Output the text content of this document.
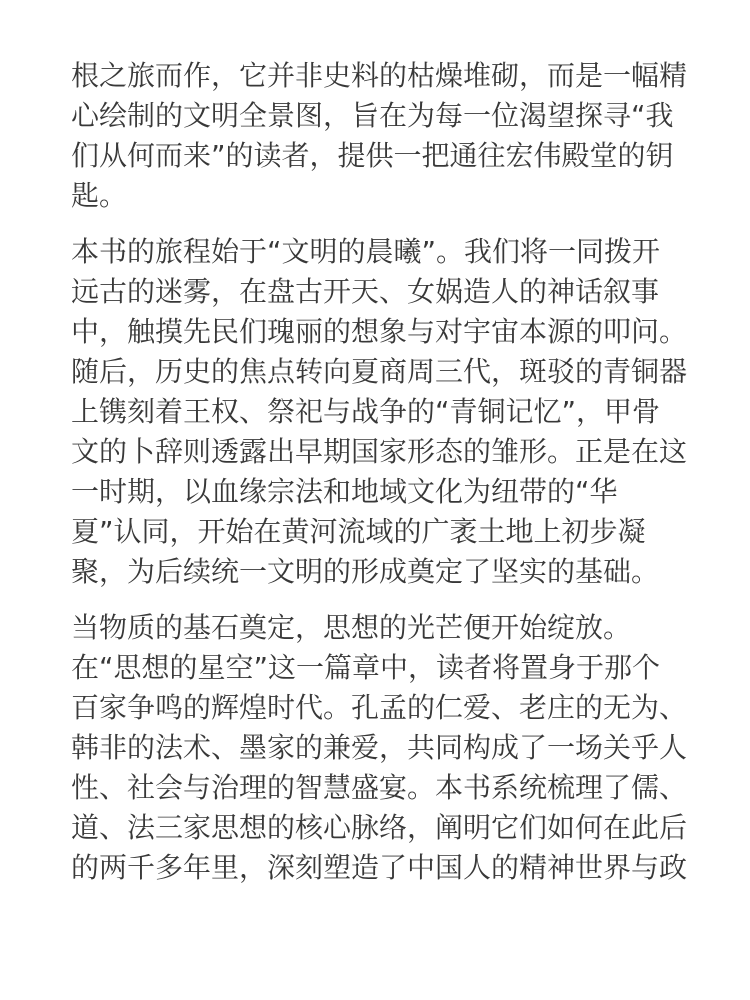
根之旅而作，它并非史料的枯燥堆砌，而是一幅精
心绘制的文明全景图，旨在为每一位渴望探寻“我
们从何而来”的读者，提供一把通往宏伟殿堂的钥
匙。

本书的旅程始于“文明的晨曦”。我们将一同拨开
远古的迷雾，在盘古开天、女娲造人的神话叙事
中，触摸先民们瑰丽的想象与对宇宙本源的叩问。
随后，历史的焦点转向夏商周三代，斑驳的青铜器
上镌刻着王权、祭祀与战争的“青铜记忆”，甲骨
文的卜辞则透露出早期国家形态的雏形。正是在这
一时期，以血缘宗法和地域文化为纽带的“华
夏”认同，开始在黄河流域的广袤土地上初步凝
聚，为后续统一文明的形成奠定了坚实的基础。

当物质的基石奠定，思想的光芒便开始绽放。
在“思想的星空”这一篇章中，读者将置身于那个
百家争鸣的辉煌时代。孔孟的仁爱、老庄的无为、
韩非的法术、墨家的兼爱，共同构成了一场关乎人
性、社会与治理的智慧盛宴。本书系统梳理了儒、
道、法三家思想的核心脉络，阐明它们如何在此后
的两千多年里，深刻塑造了中国人的精神世界与政
